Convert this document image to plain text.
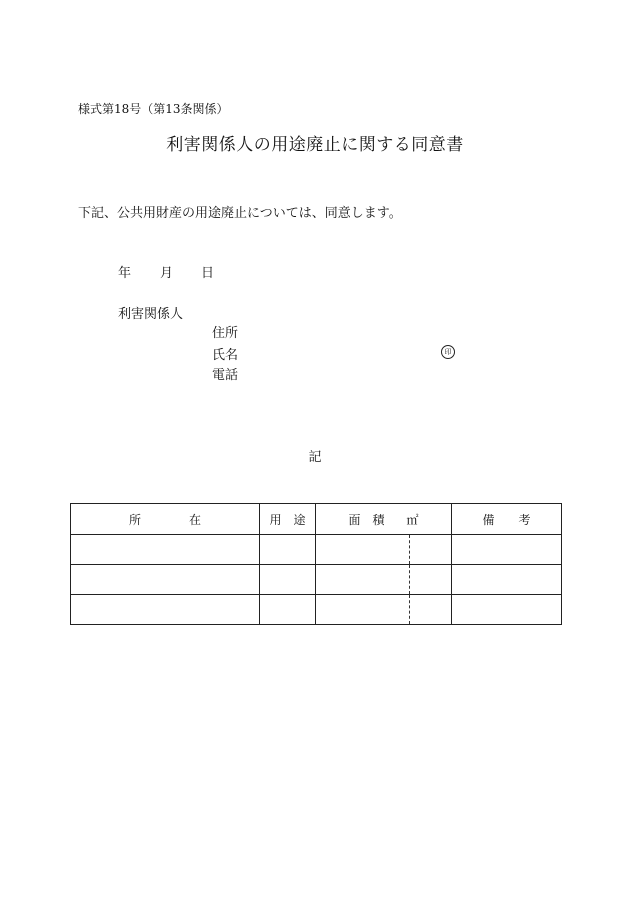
様式第18号（第13条関係）
利害関係人の用途廃止に関する同意書
下記、公共用財産の用途廃止については、同意します。
年 月 日
利害関係人
住所
氏名	印
電話
記
所　　　　在	用　途	面　積 ㎡	備　　考
